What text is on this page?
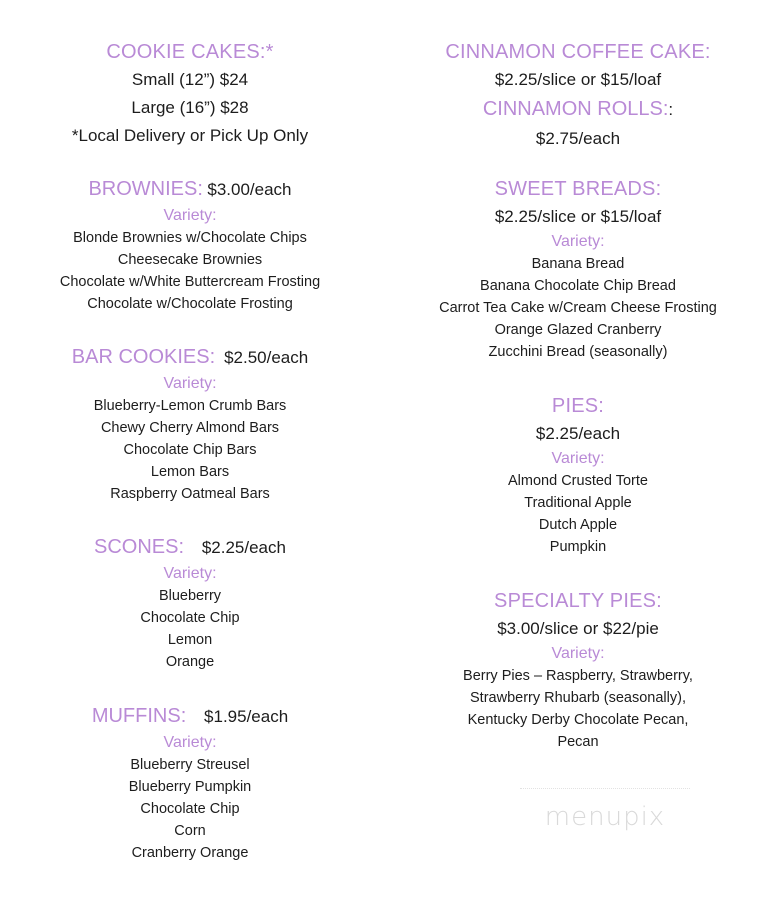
COOKIE CAKES:*
Small (12”) $24
Large (16”) $28
*Local Delivery or Pick Up Only
BROWNIES: $3.00/each
Variety:
Blonde Brownies w/Chocolate Chips
Cheesecake Brownies
Chocolate w/White Buttercream Frosting
Chocolate w/Chocolate Frosting
BAR COOKIES: $2.50/each
Variety:
Blueberry-Lemon Crumb Bars
Chewy Cherry Almond Bars
Chocolate Chip Bars
Lemon Bars
Raspberry Oatmeal Bars
SCONES: $2.25/each
Variety:
Blueberry
Chocolate Chip
Lemon
Orange
MUFFINS: $1.95/each
Variety:
Blueberry Streusel
Blueberry Pumpkin
Chocolate Chip
Corn
Cranberry Orange
CINNAMON COFFEE CAKE:
$2.25/slice or $15/loaf
CINNAMON ROLLS::
$2.75/each
SWEET BREADS:
$2.25/slice or $15/loaf
Variety:
Banana Bread
Banana Chocolate Chip Bread
Carrot Tea Cake w/Cream Cheese Frosting
Orange Glazed Cranberry
Zucchini Bread (seasonally)
PIES:
$2.25/each
Variety:
Almond Crusted Torte
Traditional Apple
Dutch Apple
Pumpkin
SPECIALTY PIES:
$3.00/slice or $22/pie
Variety:
Berry Pies – Raspberry, Strawberry,
Strawberry Rhubarb (seasonally),
Kentucky Derby Chocolate Pecan,
Pecan
menupix
